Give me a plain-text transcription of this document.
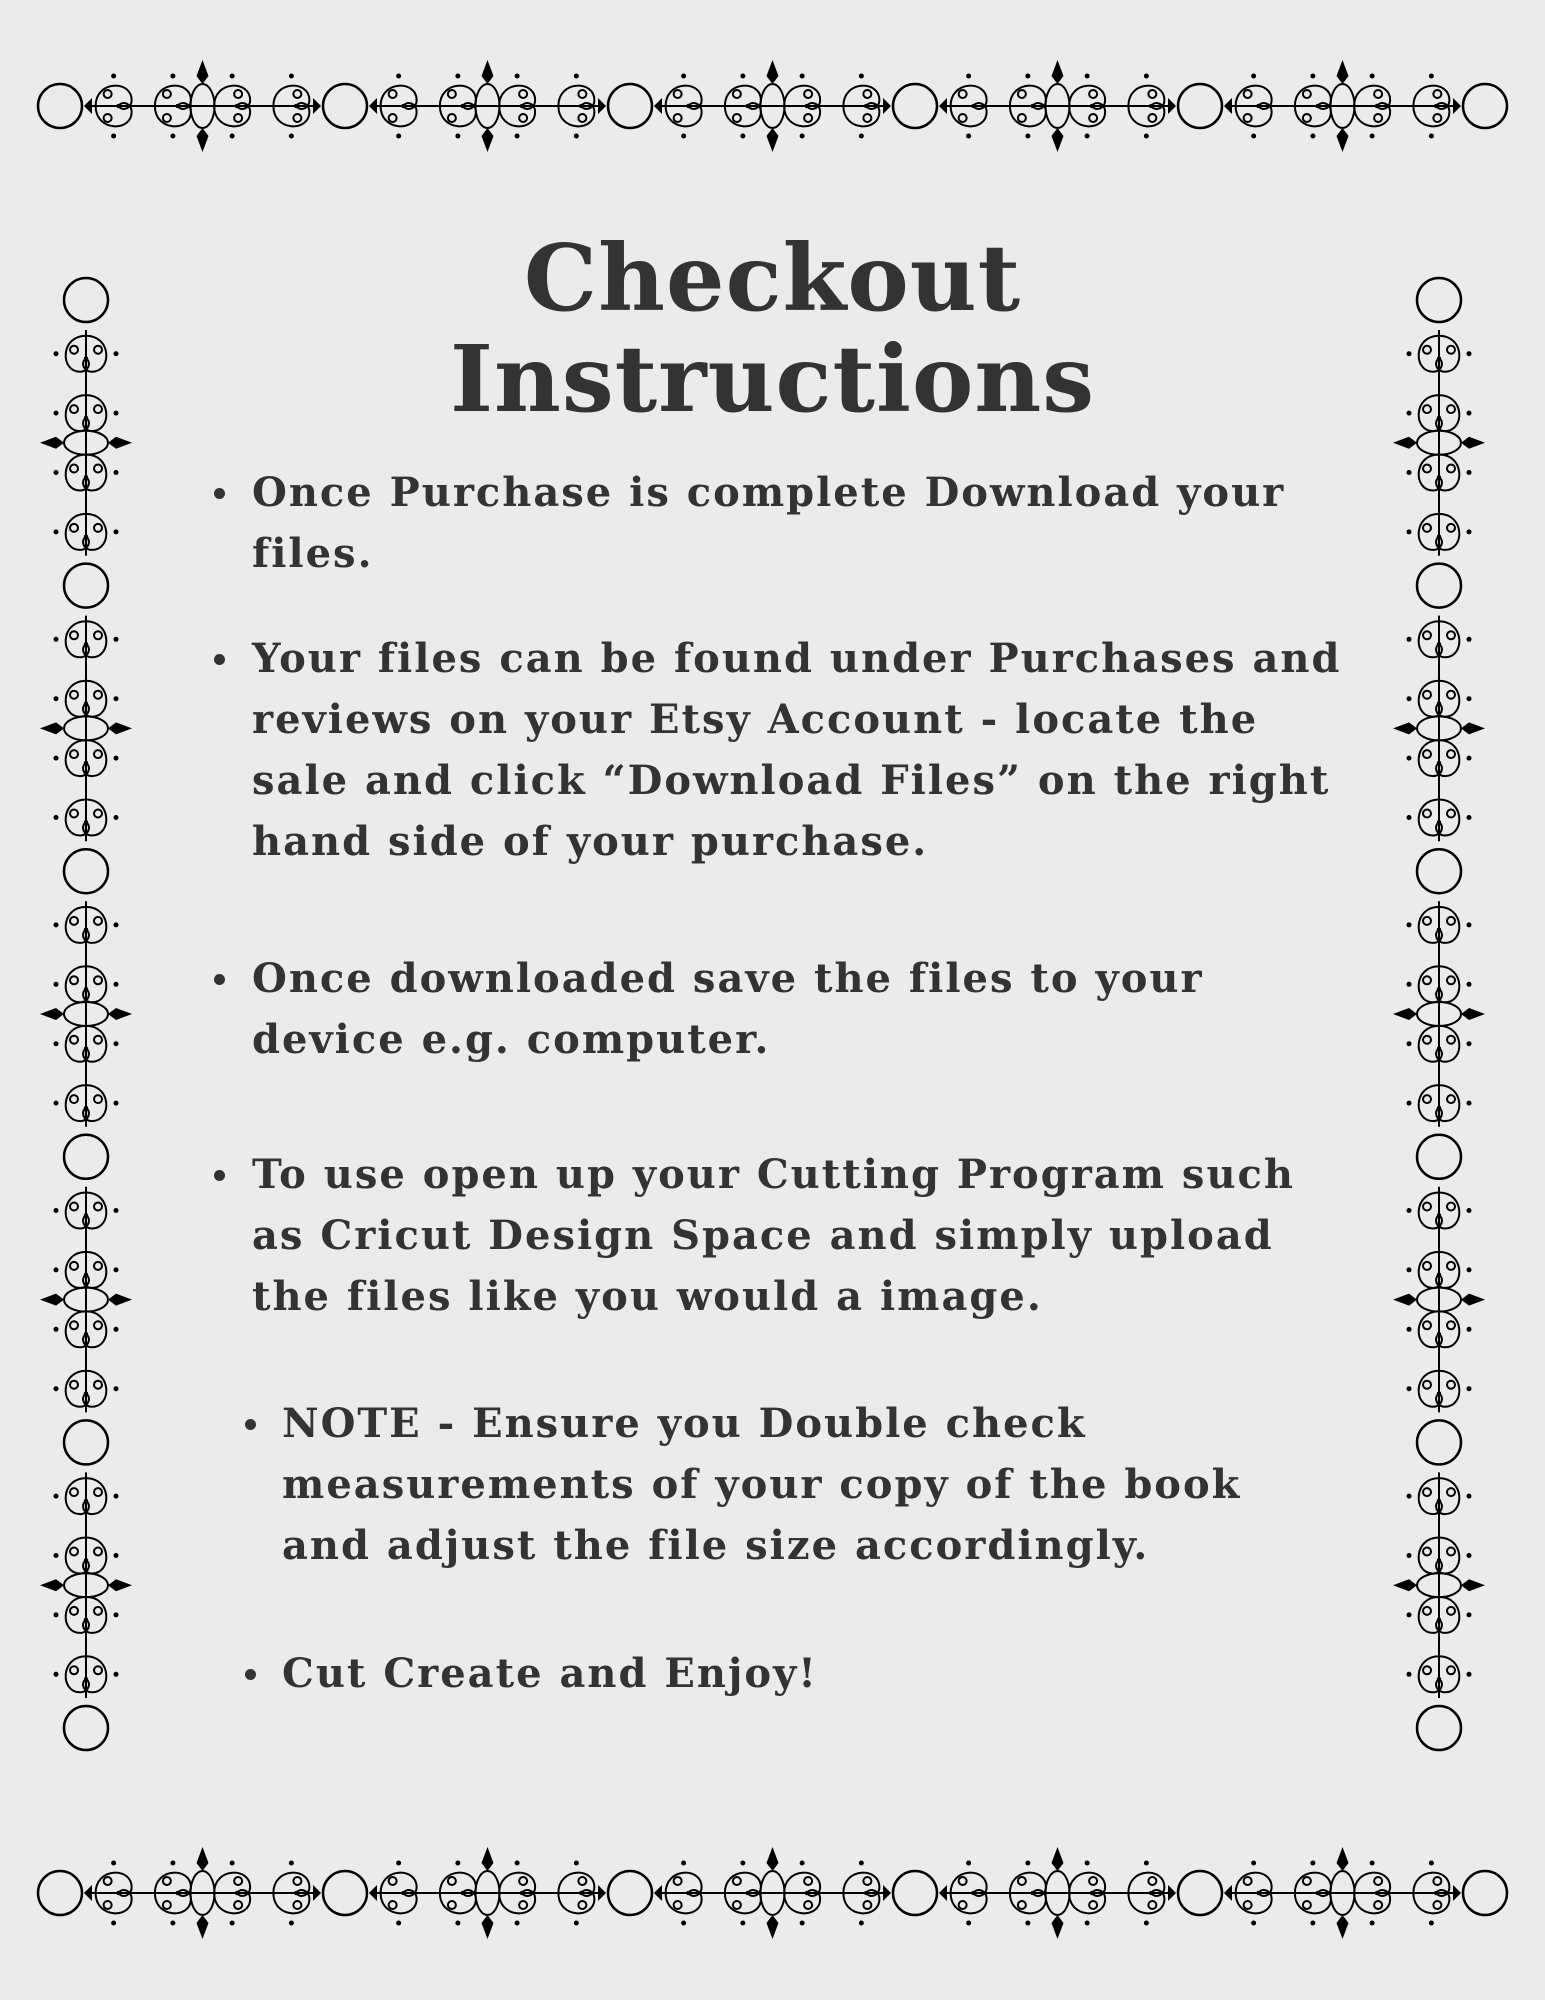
Checkout Instructions
Once Purchase is complete Download your files.
Your files can be found under Purchases and reviews on your Etsy Account - locate the sale and click “Download Files” on the right hand side of your purchase.
Once downloaded save the files to your device e.g. computer.
To use open up your Cutting Program such as Cricut Design Space and simply upload the files like you would a image.
NOTE - Ensure you Double check measurements of your copy of the book and adjust the file size accordingly.
Cut Create and Enjoy!
